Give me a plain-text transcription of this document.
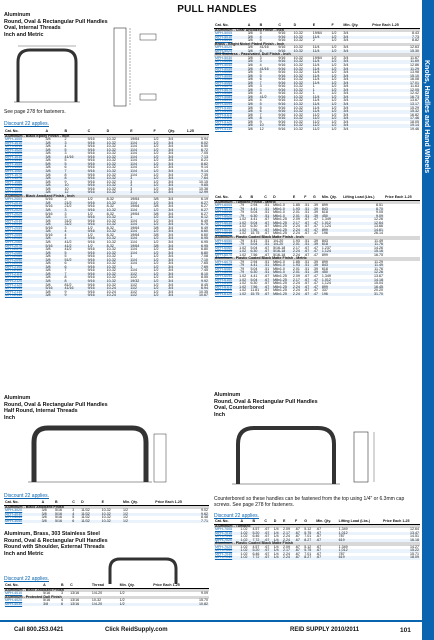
PULL HANDLES
Knobs, Handles and Hand Wheels
Aluminum
Round, Oval & Rectangular Pull Handles
Oval, Internal Threads
Inch and Metric
See page 278 for fasteners.
Discount 22 applies.
Cat. No.	A	B	C	D	E	F	Qty.	1-25
Aluminum - Black Epoxy Finish - Inch								
MPH-1005	3/8	2	9/16	10-32	19/64	1/2	3/4	5.94
MPH-1010	3/8	3	9/16	10-32	11/4	1/2	3/4	6.02
MPH-1015	3/8	4	9/16	10-32	11/4	1/2	3/4	6.50
MPH-1020	3/8	5	9/16	10-32	11/4	1/2	3/4	6.72
MPH-1025	3/8	3	9/16	10-32	11/4	1/2	3/4	7.05
MPH-1030	3/8	41/16	9/16	10-32	11/4	1/2	3/4	7.13
MPH-1040	3/8	5	9/16	10-32	11/4	1/2	3/4	8.21
MPH-1045	5/8	5	9/16	10-32	11/4	1/2	3/4	8.62
MPH-1050	3/8	6	9/16	10-32	11/4	1/2	3/4	9.14
MPH-1060	3/8	7	9/16	10-32	11/4	1/2	3/4	9.14
MPH-1070	3/8	8	9/16	10-32	11/4	1/2	3/4	7.35
MPH-1075	3/8	8	9/16	10-32	3	1/2	3/4	7.64
MPH-1080	3/8	9	9/16	10-32	3	1/2	3/4	10.15
MPH-1085	3/8	10	9/16	10-32	3	1/2	3/4	9.65
MPH-1090	3/8	10	9/16	10-32	3	1/2	3/4	10.38
MPH-1095	3/8	12	9/16	10-32	3	1/2	3/4	12.99
Aluminum - Black Anodized Finish - Inch								
MPH-2005	5/16	2	1/2	8-32	19/64	3/8	3/4	6.19
MPH-2010	3/8	21/2	9/16	10-32	11/4	1/2	3/4	6.27
MPH-2015	5/16	21/2	9/16	8-32	19/64	3/8	3/4	6.27
MPH-2020	3/8	3	9/16	10-32	11/4	1/2	3/4	6.27
MPH-2025	5/16	3	1/2	8-32	19/64	3/8	3/4	6.27
MPH-2030	3/8	3	9/16	10-32	1	1/2	3/4	6.12
MPH-2035	3/8	31/2	9/16	10-32	11/4	1/2	3/4	6.49
MPH-2040	3/8	31/2	9/16	10-32	11/4	1/2	3/4	6.75
MPH-2045	5/16	3	1/2	8-32	19/64	3/8	3/4	6.49
MPH-2050	3/8	4	9/16	10-32	11/4	1/2	3/4	6.60
MPH-2055	5/16	4	1/2	8-32	19/64	3/8	3/4	6.60
MPH-2060	3/8	4	9/16	10-32	11/4	1/2	3/4	6.95
MPH-2065	3/8	41/2	9/16	10-32	11/4	1/2	3/4	6.95
MPH-2070	5/16	41/2	1/2	8-32	19/64	3/8	3/4	6.95
MPH-2075	3/8	41/2	9/16	10-32	11/4	1/2	3/4	6.80
MPH-2080	3/8	5	9/16	10-32	11/4	1/2	3/4	6.80
MPH-2085	3/8	5	9/16	10-32	1	1/2	3/4	7.08
MPH-2090	3/8	51/2	9/16	10-32	11/4	1/2	3/4	7.10
MPH-2095	3/8	6	9/16	10-32	11/4	1/2	3/4	7.65
MPH-2100	3/8	6	9/16	10-32	1	1/2	3/4	7.69
MPH-2105	3/8	7	9/16	10-32	11/4	1/2	3/4	7.45
MPH-2110	3/8	7	9/16	10-32	11/2	1/2	3/4	8.10
MPH-2115	3/8	8	9/16	10-32	11/2	1/2	3/4	8.55
MPH-2120	3/8	8	9/16	10-32	19/32	1/2	3/4	9.92
MPH-2125	3/8	81/2	9/16	10-32	11/2	1/2	3/4	8.45
MPH-2130	5/16	41/16	9/16	10-24	11/2	1/2	3/4	6.94
MPH-2135	3/8	9	9/16	10-24	11/2	1/2	3/4	10.35
MPH-2140	3/8	9	9/16	10-24	11/2	1/2	3/4	10.67
Aluminum
Round, Oval & Rectangular Pull Handles
Half Round, Internal Threads
Inch
Discount 22 applies.
Cat. No.	A	B	C	D	E	Min. Qty.	Price Each 1-25
Aluminum - Black Anodized Finish							
MPH-3020	3/8	5/16	3	11/32	10-32	1/2	9.02
MPH-3030	3/8	5/16	4	11/32	10-32	1/2	9.62
MPH-3040	3/8	5/16	5	11/32	10-32	1/2	8.48
MPH-3050	3/8	5/16	6	11/32	10-32	1/2	7.71
Aluminum, Brass, 303 Stainless Steel
Round, Oval & Rectangular Pull Handles
Round with Shoulder, External Threads
Inch and Metric
Discount 22 applies.
Cat. No.	A	B	C	Thread	Min. Qty.	Price Each 1-25
Aluminum - Black Anodized Finish						
MPH-4010	5/16	3	13/16	1/4-20	1/2	9.09
Aluminum - Protected Dull Finish						
MPH-4020	5/16	4	13/16	10-32	1/2	15.70
MPH-4030	3/8	6	13/16	1/4-20	1/2	10.82
Cat. No.	A	B	C	D	E	F	Min. Qty.	Price Each 1-25
Aluminum - Clear Anodized Finish - Inch								
MPH-5005	3/8	3	9/16	10-32	19/64	1/2	3/4	8.43
MPH-5010	3/8	4	9/16	10-32	11/4	1/2	3/4	7.73
MPH-5015	3/8	5	9/16	10-32	2	1/2	3/4	8.82
Brass - Bright Nickel Plated Finish - Inch								
MPH-5020	3/8	41/16	9/16	10-32	11/4	1/2	3/4	12.63
MPH-5025	3/8	6	9/16	10-32	11/4	1/2	3/4	15.30
303 Stainless - Passivated, Dull Finish - Inch								
MPH-5030	3/8	3	9/16	10-32	19/64	1/2	3/4	11.67
MPH-5035	3/8	3	9/16	10-32	11/4	1/2	3/4	11.69
MPH-5040	3/8	4	9/16	10-32	11/4	1/2	3/4	12.86
MPH-5045	3/8	41/16	9/16	10-32	11/4	1/2	3/4	11.29
MPH-5050	3/8	5	9/16	10-32	11/4	1/2	3/4	13.98
MPH-5055	3/8	5	9/16	10-32	11/4	1/2	3/4	15.10
MPH-5060	3/8	6	9/16	10-32	11/4	1/2	3/4	16.08
MPH-5065	3/8	7	9/16	10-32	11/4	1/2	3/4	17.01
MPH-5070	3/8	3	9/16	10-32	1	1/2	3/4	11.63
MPH-5075	3/8	3	9/16	10-32	1	1/2	3/4	12.05
MPH-5080	3/8	4	9/16	10-32	1	1/2	3/4	12.42
MPH-5085	3/8	41/2	9/16	10-32	11/4	1/2	3/4	16.73
MPH-5090	3/8	4	9/16	10-32	11/4	1/2	3/4	13.67
MPH-5095	3/8	5	9/16	10-32	11/4	1/2	3/4	13.17
MPH-5100	3/8	5	9/16	10-32	11/4	1/2	3/4	15.29
MPH-5105	3/8	6	9/16	10-32	11/4	1/2	3/4	15.32
MPH-5110	3/8	7	9/16	10-32	11/2	1/2	3/4	16.82
MPH-5115	3/8	8	9/16	10-32	11/2	1/2	3/4	17.46
MPH-5120	3/8	9	9/16	10-32	11/2	1/2	3/4	18.05
MPH-5125	3/8	10	9/16	10-32	11/2	1/2	3/4	19.14
MPH-5130	3/8	12	9/16	10-32	11/2	1/2	3/4	19.46
Cat. No.	A	B	C	D	E	F	G	Min. Qty.	Lifting Load (Lbs.)	Price Each 1-25
Aluminum - Tumbled Finish - Metric										
MPH-6005	.79	2.94	.51	M6x1.0	1.85	.51	.39	899	8.51	
MPH-6010	.79	4.41	.51	M6x1.0	1.93	.51	.39	843	8.70	
MPH-6015	.79	5.04	.51	M6x1.0	2.01	.51	.39	618	9.05	
MPH-6020	.79	6.30	.51	M6x1.0	2.01	.51	.39	450	9.09	
MPH-6025	1.02	4.41	.67	M8x1.25	2.09	.67	.47	1,349	12.26	
MPH-6030	1.02	5.04	.67	M8x1.25	2.17	.67	.47	1,012	12.64	
MPH-6035	1.02	6.30	.67	M8x1.25	2.24	.67	.47	1,124	13.66	
MPH-6040	1.02	7.56	.67	M8x1.25	2.24	.67	.47	899	14.61	
MPH-6045	1.02	15.75	.67	M8x1.25	2.24	.67	.47	196	26.14	
Aluminum - Plastic Coated Black Matte Finish - Inch										
MPH-6050	.79	4.41	.51	1/4-20	1.93	.51	.39	843	11.49	
MPH-6055	.79	5.04	.51	1/4-20	2.01	.51	.39	618	11.76	
MPH-6060	1.02	5.04	.67	5/16-18	2.17	.67	.47	1,237	14.26	
MPH-6065	1.02	6.30	.67	5/16-18	2.24	.67	.47	1,124	15.16	
MPH-6070	1.02	7.56	.67	5/16-18	2.24	.67	.47	899	16.75	
Aluminum - Plastic Coated Black Matte Finish - Metric										
MPH-6075	.79	2.94	.51	M6x1.0	1.85	.51	.39	899	11.29	
MPH-6080	.79	4.41	.51	M6x1.0	1.93	.51	.39	843	11.49	
MPH-6085	.79	5.04	.51	M6x1.0	2.01	.51	.39	618	11.76	
MPH-6090	.79	6.30	.51	M6x1.0	2.01	.51	.39	450	12.26	
MPH-6095	1.02	4.41	.67	M8x1.25	2.09	.67	.47	1,349	13.67	
MPH-6100	1.02	5.04	.67	M8x1.25	2.17	.67	.47	1,012	14.18	
MPH-6105	1.02	6.30	.67	M8x1.25	2.24	.67	.47	1,124	15.04	
MPH-6110	1.02	7.56	.67	M8x1.25	2.24	.67	.47	899	16.45	
MPH-6115	1.02	11.81	.67	M8x1.25	2.24	.67	.47	337	20.20	
MPH-6120	1.02	15.75	.67	M8x1.25	2.24	.67	.47	196	31.70	
Aluminum
Round, Oval & Rectangular Pull Handles
Oval, Counterbored
Inch
Counterbored so these handles can be fastened from the top using 1/4" or 6.3mm cap screws. See page 278 for fasteners.
Discount 22 applies.
Cat. No.	A	B	C	D	E	F	G	Min. Qty.	Lifting Load (Lbs.)	Price Each 1-25
Aluminum - Tumbled										
MPH-7005	1.02	4.57	.67	1/4	2.09	.67	5.12	.67	1,349	12.64
MPH-7010	1.02	5.20	.67	1/4	2.17	.67	5.75	.67	1,012	13.47
MPH-7015	1.02	6.46	.67	1/4	2.24	.67	7.01	.67	787	14.51
MPH-7020	1.02	7.72	.67	1/4	2.24	.67	8.27	.67	619	16.18
Aluminum - Plastic Coated Black Matte Finish										
MPH-7025	1.02	4.57	.67	1/4	2.09	.67	5.12	.67	1,349	14.27
MPH-7030	1.02	5.20	.67	1/4	2.17	.67	5.75	.67	1,012	15.22
MPH-7035	1.02	6.46	.67	1/4	2.24	.67	7.01	.67	787	15.71
MPH-7040	1.02	7.72	.67	1/4	2.24	.67	8.27	.67	619	18.09
Call 800.253.0421	Click ReidSupply.com	REID SUPPLY 2010/2011	101
